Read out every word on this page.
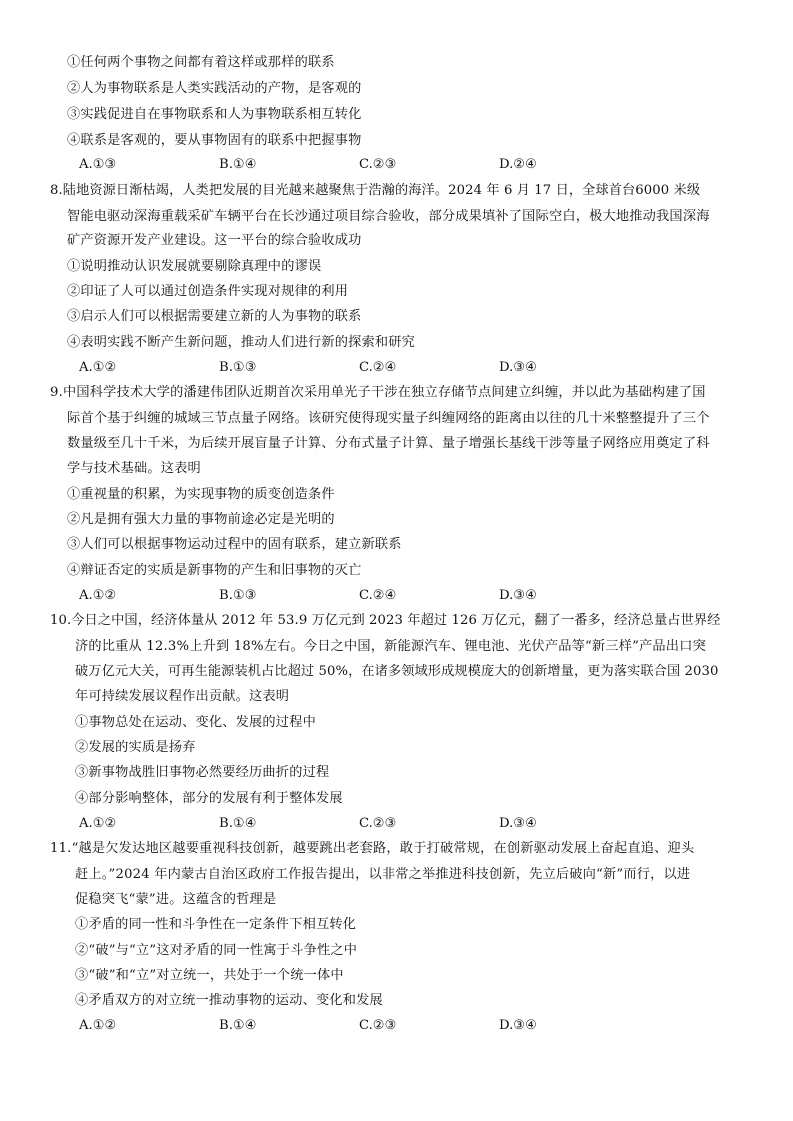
①任何两个事物之间都有着这样或那样的联系
②人为事物联系是人类实践活动的产物，是客观的
③实践促进自在事物联系和人为事物联系相互转化
④联系是客观的，要从事物固有的联系中把握事物
A.①③	B.①④	C.②③	D.②④
8.陆地资源日渐枯竭，人类把发展的目光越来越聚焦于浩瀚的海洋。2024 年 6 月 17 日，全球首台6000 米级
智能电驱动深海重载采矿车辆平台在长沙通过项目综合验收，部分成果填补了国际空白，极大地推动我国深海
矿产资源开发产业建设。这一平台的综合验收成功
①说明推动认识发展就要剔除真理中的谬误
②印证了人可以通过创造条件实现对规律的利用
③启示人们可以根据需要建立新的人为事物的联系
④表明实践不断产生新问题，推动人们进行新的探索和研究
A.①②	B.①③	C.②④	D.③④
9.中国科学技术大学的潘建伟团队近期首次采用单光子干涉在独立存储节点间建立纠缠，并以此为基础构建了国
际首个基于纠缠的城域三节点量子网络。该研究使得现实量子纠缠网络的距离由以往的几十米整整提升了三个
数量级至几十千米，为后续开展盲量子计算、分布式量子计算、量子增强长基线干涉等量子网络应用奠定了科
学与技术基础。这表明
①重视量的积累，为实现事物的质变创造条件
②凡是拥有强大力量的事物前途必定是光明的
③人们可以根据事物运动过程中的固有联系，建立新联系
④辩证否定的实质是新事物的产生和旧事物的灭亡
A.①②	B.①③	C.②④	D.③④
10.今日之中国，经济体量从 2012 年 53.9 万亿元到 2023 年超过 126 万亿元，翻了一番多，经济总量占世界经
济的比重从 12.3%上升到 18%左右。今日之中国，新能源汽车、锂电池、光伏产品等“新三样”产品出口突
破万亿元大关，可再生能源装机占比超过 50%，在诸多领域形成规模庞大的创新增量，更为落实联合国 2030
年可持续发展议程作出贡献。这表明
①事物总处在运动、变化、发展的过程中
②发展的实质是扬弃
③新事物战胜旧事物必然要经历曲折的过程
④部分影响整体，部分的发展有利于整体发展
A.①②	B.①④	C.②③	D.③④
11.“越是欠发达地区越要重视科技创新，越要跳出老套路，敢于打破常规，在创新驱动发展上奋起直追、迎头
赶上。”2024 年内蒙古自治区政府工作报告提出，以非常之举推进科技创新，先立后破向“新”而行，以进
促稳突飞“蒙”进。这蕴含的哲理是
①矛盾的同一性和斗争性在一定条件下相互转化
②“破”与“立”这对矛盾的同一性寓于斗争性之中
③“破”和“立”对立统一，共处于一个统一体中
④矛盾双方的对立统一推动事物的运动、变化和发展
A.①②	B.①④	C.②③	D.③④
